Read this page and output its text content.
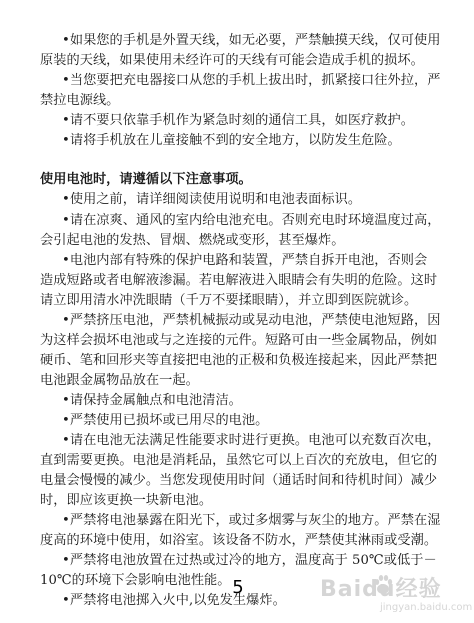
•如果您的手机是外置天线，如无必要，严禁触摸天线，仅可使用
原装的天线，如果使用未经许可的天线有可能会造成手机的损坏。
•当您要把充电器接口从您的手机上拔出时，抓紧接口往外拉，严
禁拉电源线。
•请不要只依靠手机作为紧急时刻的通信工具，如医疗救护。
•请将手机放在儿童接触不到的安全地方，以防发生危险。
使用电池时，请遵循以下注意事项。
•使用之前，请详细阅读使用说明和电池表面标识。
•请在凉爽、通风的室内给电池充电。否则充电时环境温度过高，
会引起电池的发热、冒烟、燃烧或变形，甚至爆炸。
•电池内部有特殊的保护电路和装置，严禁自拆开电池，否则会
造成短路或者电解液渗漏。若电解液进入眼睛会有失明的危险。这时
请立即用清水冲洗眼睛（千万不要揉眼睛），并立即到医院就诊。
•严禁挤压电池，严禁机械振动或晃动电池，严禁使电池短路，因
为这样会损坏电池或与之连接的元件。短路可由一些金属物品，例如
硬币、笔和回形夹等直接把电池的正极和负极连接起来，因此严禁把
电池跟金属物品放在一起。
•请保持金属触点和电池清洁。
•严禁使用已损坏或已用尽的电池。
•请在电池无法满足性能要求时进行更换。电池可以充数百次电，
直到需要更换。电池是消耗品，虽然它可以上百次的充放电，但它的
电量会慢慢的减少。当您发现使用时间（通话时间和待机时间）减少
时，即应该更换一块新电池。
•严禁将电池暴露在阳光下，或过多烟雾与灰尘的地方。严禁在湿
度高的环境中使用，如浴室。该设备不防水，严禁使其淋雨或受潮。
•严禁将电池放置在过热或过冷的地方，温度高于 50℃或低于－
10℃的环境下会影响电池性能。
•严禁将电池掷入火中,以免发生爆炸。
5	Baidu经验
jingyan.baidu.com
